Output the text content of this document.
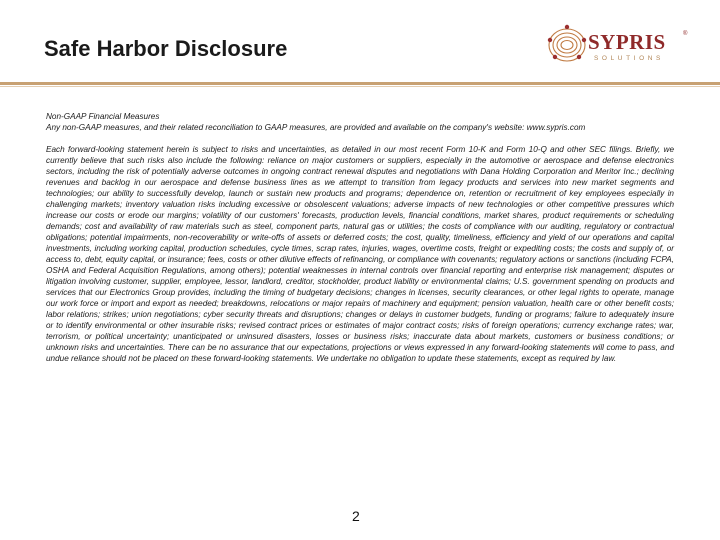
Safe Harbor Disclosure	SYPRIS	®
SOLUTIONS

Non-GAAP Financial Measures

Any non-GAAP measures, and their related reconciliation to GAAP measures, are provided and available on the company's website: www.sypris.com

Each forward-looking statement herein is subject to risks and uncertainties, as detailed in our most recent Form 10-K and Form 10-Q and other SEC filings. Briefly, we currently believe that such risks also include the following: reliance on major customers or suppliers, especially in the automotive or aerospace and defense electronics sectors, including the risk of potentially adverse outcomes in ongoing contract renewal disputes and negotiations with Dana Holding Corporation and Meritor Inc.; declining revenues and backlog in our aerospace and defense business lines as we attempt to transition from legacy products and services into new market segments and technologies; our ability to successfully develop, launch or sustain new products and programs; dependence on, retention or recruitment of key employees especially in challenging markets; inventory valuation risks including excessive or obsolescent valuations; adverse impacts of new technologies or other competitive pressures which increase our costs or erode our margins; volatility of our customers' forecasts, production levels, financial conditions, market shares, product requirements or scheduling demands; cost and availability of raw materials such as steel, component parts, natural gas or utilities; the costs of compliance with our auditing, regulatory or contractual obligations; potential impairments, non-recoverability or write-offs of assets or deferred costs; the cost, quality, timeliness, efficiency and yield of our operations and capital investments, including working capital, production schedules, cycle times, scrap rates, injuries, wages, overtime costs, freight or expediting costs; the costs and supply of, or access to, debt, equity capital, or insurance; fees, costs or other dilutive effects of refinancing, or compliance with covenants; regulatory actions or sanctions (including FCPA, OSHA and Federal Acquisition Regulations, among others); potential weaknesses in internal controls over financial reporting and enterprise risk management; disputes or litigation involving customer, supplier, employee, lessor, landlord, creditor, stockholder, product liability or environmental claims; U.S. government spending on products and services that our Electronics Group provides, including the timing of budgetary decisions; changes in licenses, security clearances, or other legal rights to operate, manage our work force or import and export as needed; breakdowns, relocations or major repairs of machinery and equipment; pension valuation, health care or other benefit costs; labor relations; strikes; union negotiations; cyber security threats and disruptions; changes or delays in customer budgets, funding or programs; failure to adequately insure or to identify environmental or other insurable risks; revised contract prices or estimates of major contract costs; risks of foreign operations; currency exchange rates; war, terrorism, or political uncertainty; unanticipated or uninsured disasters, losses or business risks; inaccurate data about markets, customers or business conditions; or unknown risks and uncertainties. There can be no assurance that our expectations, projections or views expressed in any forward-looking statements will come to pass, and undue reliance should not be placed on these forward-looking statements. We undertake no obligation to update these statements, except as required by law.

2
